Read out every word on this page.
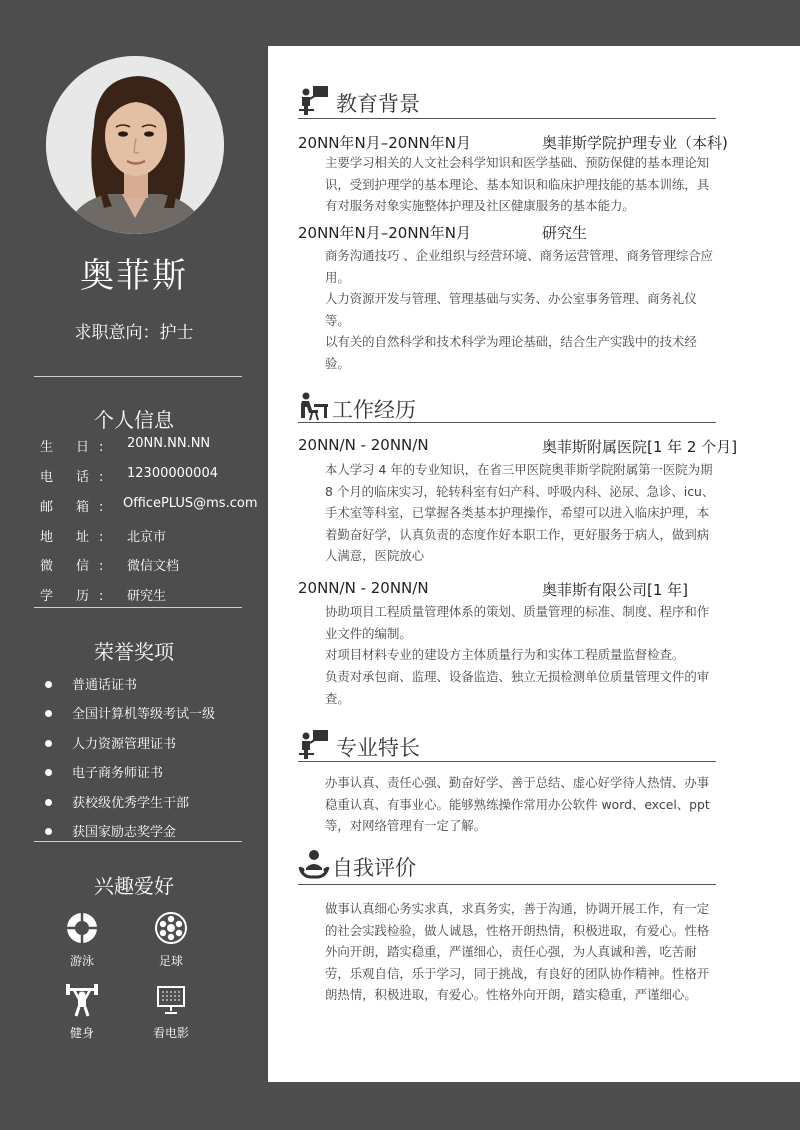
奥菲斯
求职意向：护士
个人信息
生 日 :	20NN.NN.NN
电 话 :	12300000004
邮 箱 :	OfficePLUS@ms.com
地 址 :	北京市
微 信 :	微信文档
学 历 :	研究生
荣誉奖项
普通话证书
全国计算机等级考试一级
人力资源管理证书
电子商务师证书
获校级优秀学生干部
获国家励志奖学金
兴趣爱好
游泳	足球
健身	看电影
教育背景
20NN年N月–20NN年N月	奥菲斯学院护理专业（本科)
主要学习相关的人文社会科学知识和医学基础、预防保健的基本理论知识，受到护理学的基本理论、基本知识和临床护理技能的基本训练，具有对服务对象实施整体护理及社区健康服务的基本能力。
20NN年N月–20NN年N月	研究生
商务沟通技巧 、企业组织与经营环境、商务运营管理、商务管理综合应用。
人力资源开发与管理、管理基础与实务、办公室事务管理、商务礼仪等。
以有关的自然科学和技术科学为理论基础，结合生产实践中的技术经验。
工作经历
20NN/N - 20NN/N	奥菲斯附属医院[1 年 2 个月]
本人学习 4 年的专业知识，在省三甲医院奥菲斯学院附属第一医院为期 8 个月的临床实习，轮转科室有妇产科、呼吸内科、泌尿、急诊、icu、手术室等科室，已掌握各类基本护理操作，希望可以进入临床护理，本着勤奋好学，认真负责的态度作好本职工作，更好服务于病人，做到病人满意，医院放心
20NN/N - 20NN/N	奥菲斯有限公司[1 年]
协助项目工程质量管理体系的策划、质量管理的标准、制度、程序和作业文件的编制。
对项目材料专业的建设方主体质量行为和实体工程质量监督检查。
负责对承包商、监理、设备监造、独立无损检测单位质量管理文件的审查。
专业特长
办事认真、责任心强、勤奋好学、善于总结、虚心好学待人热情、办事稳重认真、有事业心。能够熟练操作常用办公软件 word、excel、ppt 等，对网络管理有一定了解。
自我评价
做事认真细心务实求真，求真务实，善于沟通，协调开展工作，有一定的社会实践检验，做人诚恳，性格开朗热情，积极进取，有爱心。性格外向开朗，踏实稳重，严谨细心，责任心强，为人真诚和善，吃苦耐劳，乐观自信，乐于学习，同于挑战，有良好的团队协作精神。性格开朗热情，积极进取，有爱心。性格外向开朗，踏实稳重，严谨细心。
